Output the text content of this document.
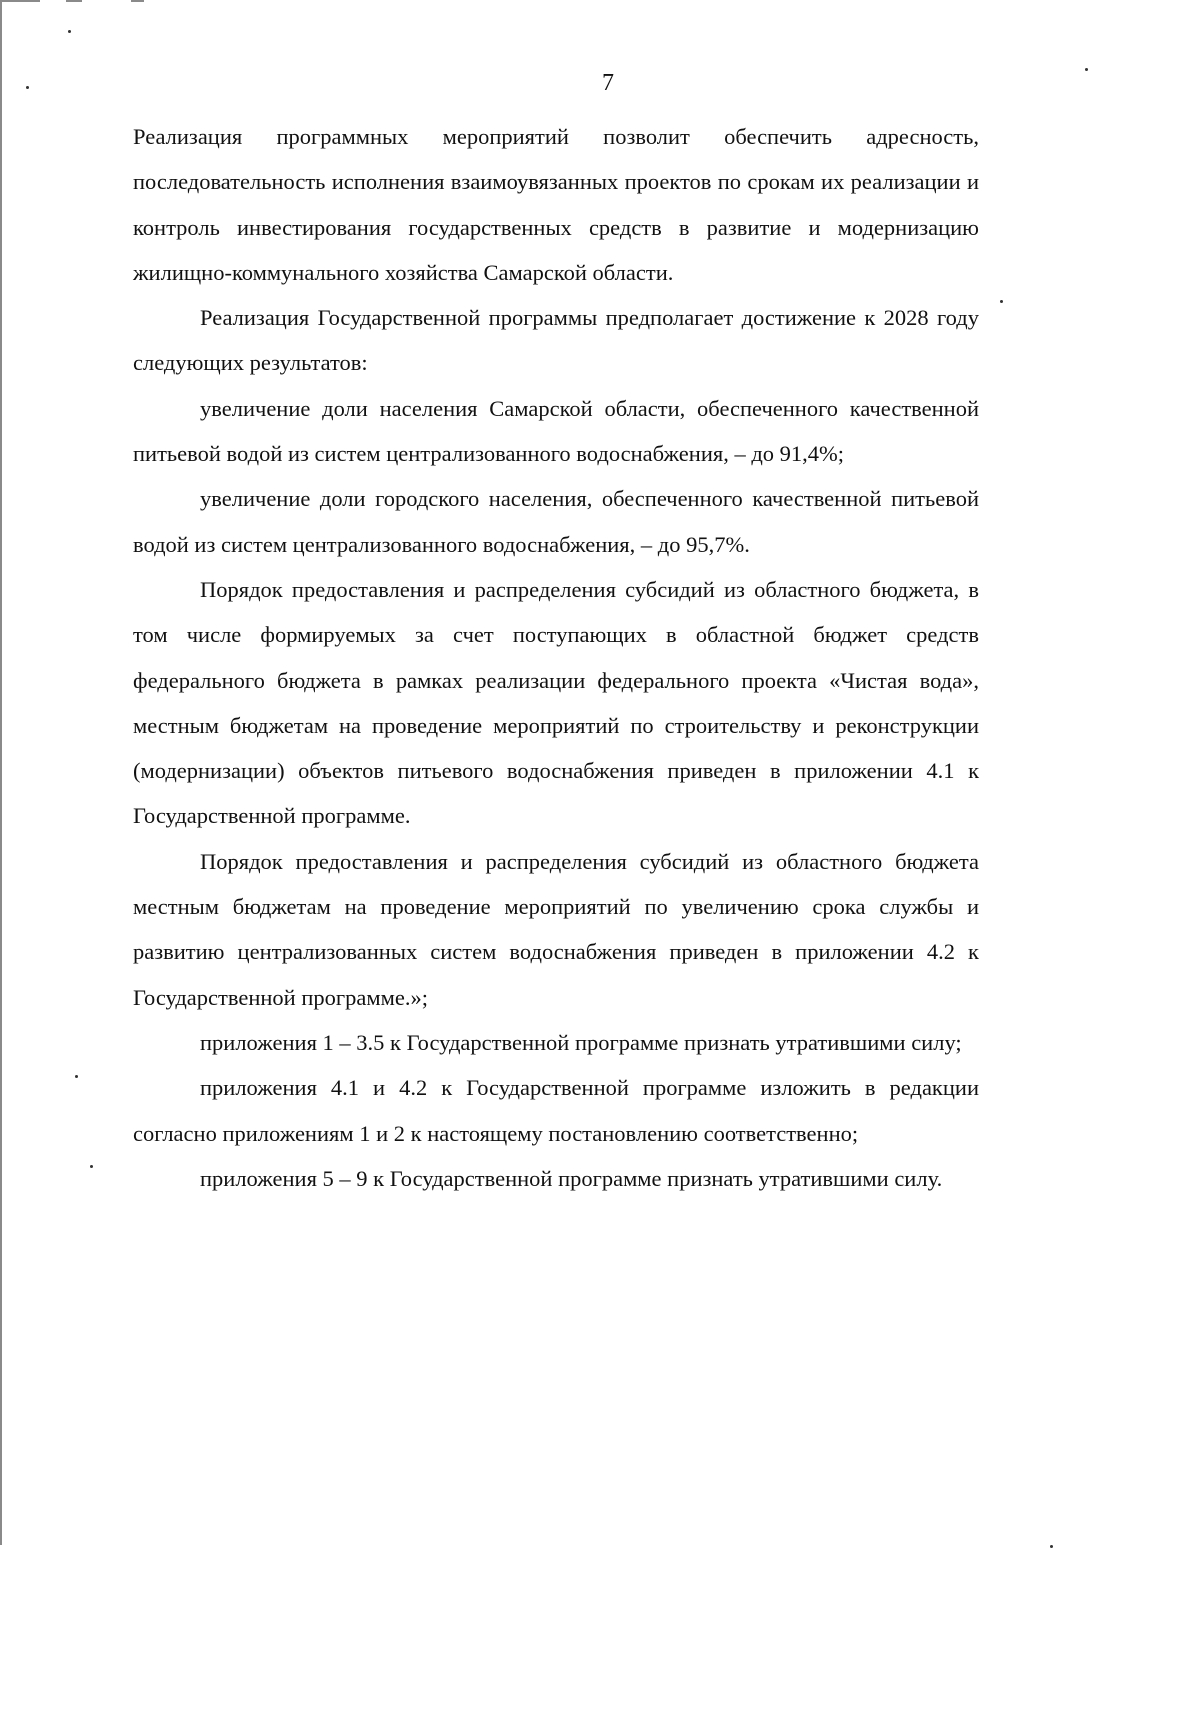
7

Реализация программных мероприятий позволит обеспечить адресность, последовательность исполнения взаимоувязанных проектов по срокам их реализации и контроль инвестирования государственных средств в развитие и модернизацию жилищно-коммунального хозяйства Самарской области.

Реализация Государственной программы предполагает достижение к 2028 году следующих результатов:

увеличение доли населения Самарской области, обеспеченного качественной питьевой водой из систем централизованного водоснабжения, – до 91,4%;

увеличение доли городского населения, обеспеченного качественной питьевой водой из систем централизованного водоснабжения, – до 95,7%.

Порядок предоставления и распределения субсидий из областного бюджета, в том числе формируемых за счет поступающих в областной бюджет средств федерального бюджета в рамках реализации федерального проекта «Чистая вода», местным бюджетам на проведение мероприятий по строительству и реконструкции (модернизации) объектов питьевого водоснабжения приведен в приложении 4.1 к Государственной программе.

Порядок предоставления и распределения субсидий из областного бюджета местным бюджетам на проведение мероприятий по увеличению срока службы и развитию централизованных систем водоснабжения приведен в приложении 4.2 к Государственной программе.»;

приложения 1 – 3.5 к Государственной программе признать утратившими силу;

приложения 4.1 и 4.2 к Государственной программе изложить в редакции согласно приложениям 1 и 2 к настоящему постановлению соответственно;

приложения 5 – 9 к Государственной программе признать утратившими силу.
